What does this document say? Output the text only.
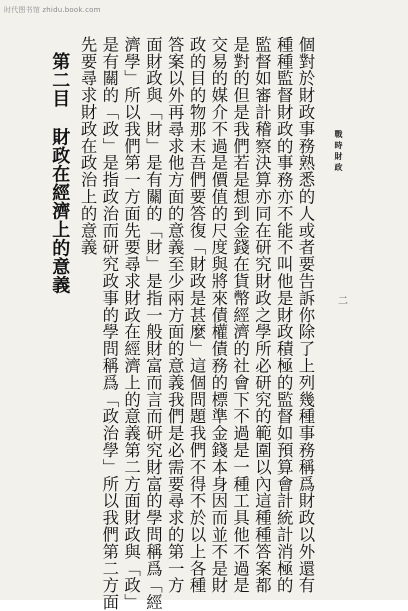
时代图书馆 zhidu.book.com
戰時財政
二
個對於財政事務熟悉的人或者要告訴你除了上列幾種事務稱爲財政以外還有
種種監督財政的事務亦不能不叫他是財政積極的監督如預算會計統計消極的
監督如審計稽察決算亦同在研究財政之學所必研究的範圍以內這種種答案都
是對的但是我們若是想到金錢在貨幣經濟的社會下不過是一種工具他不過是
交易的媒介不過是價值的尺度與將來債權債務的標準金錢本身因而並不是財
政的目的物那末吾們要答復「財政是甚麼」這個問題我們不得不於以上各種
答案以外再尋求他方面的意義至少兩方面的意義我們是必需要尋求的第一方
面財政與「財」是有關的「財」是指一般財富而言而研究財富的學問稱爲「經
濟學」所以我們第一方面先要尋求財政在經濟上的意義第二方面財政與「政」
是有關的「政」是指政治而研究政事的學問稱爲「政治學」所以我們第二方面
先要尋求財政在政治上的意義
第二目財政在經濟上的意義
